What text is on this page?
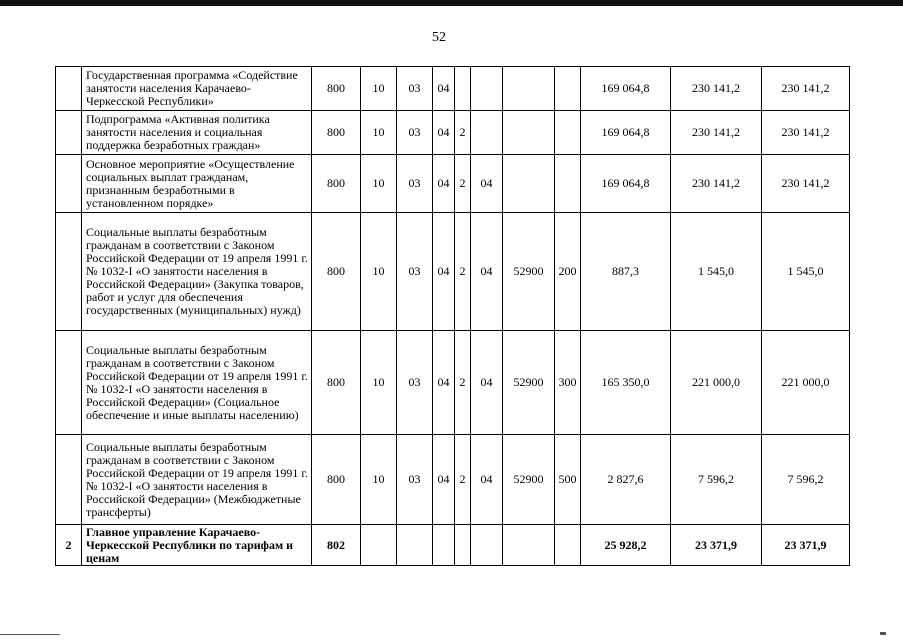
52
	Государственная программа «Содействие занятости населения Карачаево-Черкесской Республики»	800	10	03	04					169 064,8	230 141,2	230 141,2
	Подпрограмма «Активная политика занятости населения и социальная поддержка безработных граждан»	800	10	03	04	2				169 064,8	230 141,2	230 141,2
	Основное мероприятие «Осуществление социальных выплат гражданам, признанным безработными в установленном порядке»	800	10	03	04	2	04			169 064,8	230 141,2	230 141,2
	Социальные выплаты безработным гражданам в соответствии с Законом Российской Федерации от 19 апреля 1991 г. № 1032-I «О занятости населения в Российской Федерации» (Закупка товаров, работ и услуг для обеспечения государственных (муниципальных) нужд)	800	10	03	04	2	04	52900	200	887,3	1 545,0	1 545,0
	Социальные выплаты безработным гражданам в соответствии с Законом Российской Федерации от 19 апреля 1991 г. № 1032-I «О занятости населения в Российской Федерации» (Социальное обеспечение и иные выплаты населению)	800	10	03	04	2	04	52900	300	165 350,0	221 000,0	221 000,0
	Социальные выплаты безработным гражданам в соответствии с Законом Российской Федерации от 19 апреля 1991 г. № 1032-I «О занятости населения в Российской Федерации» (Межбюджетные трансферты)	800	10	03	04	2	04	52900	500	2 827,6	7 596,2	7 596,2
2	Главное управление Карачаево-Черкесской Республики по тарифам и ценам	802								25 928,2	23 371,9	23 371,9
